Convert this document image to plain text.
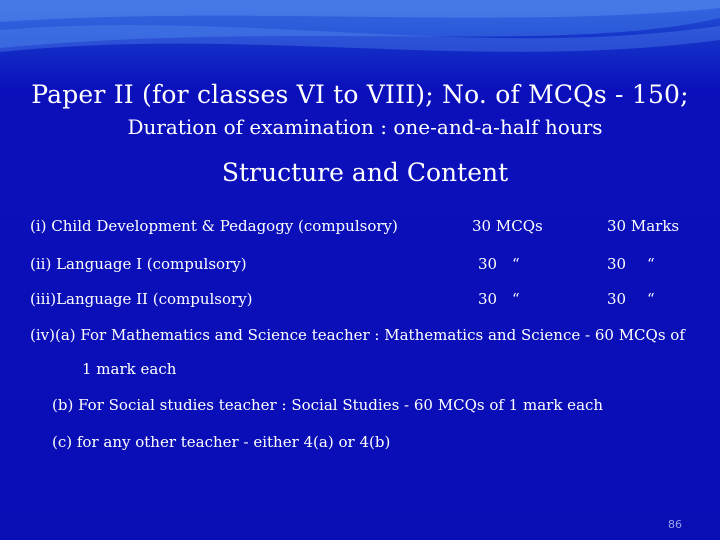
Paper II (for classes VI to VIII); No. of MCQs - 150;
Duration of examination : one-and-a-half hours
Structure and Content
(i) Child Development & Pedagogy (compulsory)	30 MCQs	30 Marks
(ii) Language I (compulsory)	30 “	30 “
(iii)Language II (compulsory)	30 “	30 “
(iv)(a) For Mathematics and Science teacher : Mathematics and Science - 60 MCQs of
1 mark each
(b) For Social studies teacher : Social Studies - 60 MCQs of 1 mark each
(c) for any other teacher - either 4(a) or 4(b)
86
